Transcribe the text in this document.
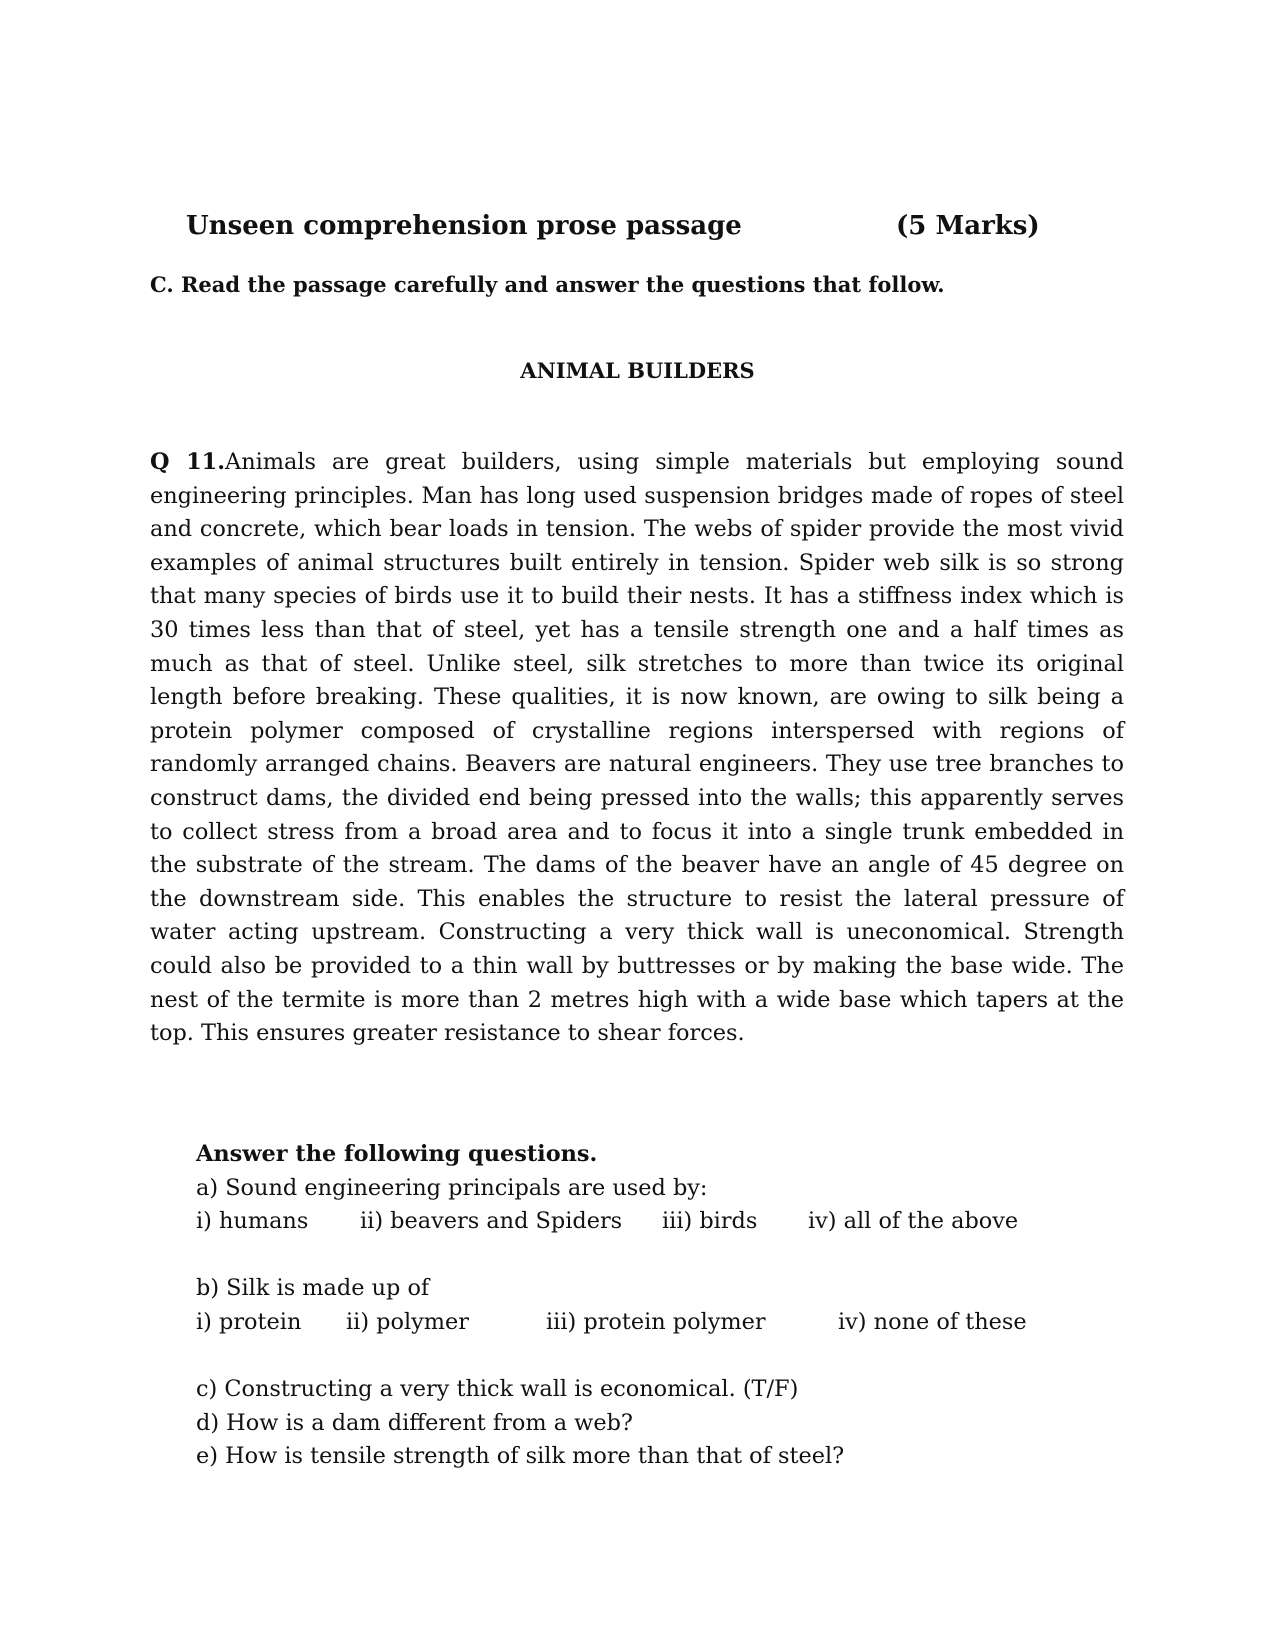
Unseen comprehension prose passage	(5 Marks)
C. Read the passage carefully and answer the questions that follow.
ANIMAL BUILDERS
Q 11.Animals are great builders, using simple materials but employing sound engineering principles. Man has long used suspension bridges made of ropes of steel and concrete, which bear loads in tension. The webs of spider provide the most vivid examples of animal structures built entirely in tension. Spider web silk is so strong that many species of birds use it to build their nests. It has a stiffness index which is 30 times less than that of steel, yet has a tensile strength one and a half times as much as that of steel. Unlike steel, silk stretches to more than twice its original length before breaking. These qualities, it is now known, are owing to silk being a protein polymer composed of crystalline regions interspersed with regions of randomly arranged chains. Beavers are natural engineers. They use tree branches to construct dams, the divided end being pressed into the walls; this apparently serves to collect stress from a broad area and to focus it into a single trunk embedded in the substrate of the stream. The dams of the beaver have an angle of 45 degree on the downstream side. This enables the structure to resist the lateral pressure of water acting upstream. Constructing a very thick wall is uneconomical. Strength could also be provided to a thin wall by buttresses or by making the base wide. The nest of the termite is more than 2 metres high with a wide base which tapers at the top. This ensures greater resistance to shear forces.
Answer the following questions.
a) Sound engineering principals are used by:
i) humans ii) beavers and Spiders iii) birds iv) all of the above
b) Silk is made up of
i) protein ii) polymer	iii) protein polymer	iv) none of these
c) Constructing a very thick wall is economical. (T/F)
d) How is a dam different from a web?
e) How is tensile strength of silk more than that of steel?
